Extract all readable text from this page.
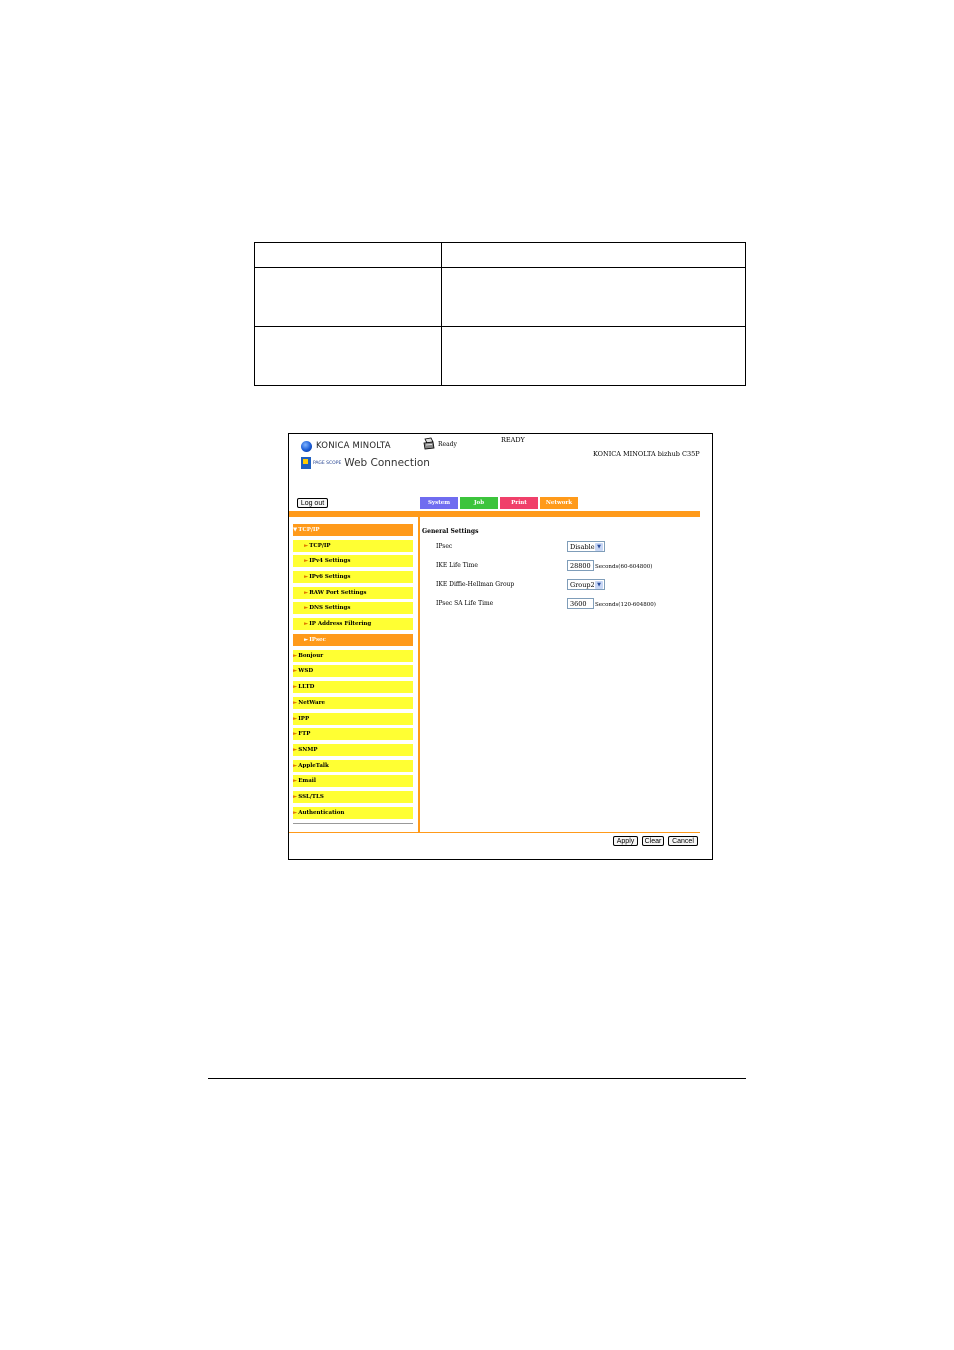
KONICA MINOLTA
PAGE SCOPE Web Connection
Ready
READY
KONICA MINOLTA bizhub C35P
Log out	System	Job	Print	Network
▼TCP/IP
►TCP/IP
►IPv4 Settings
►IPv6 Settings
►RAW Port Settings
►DNS Settings
►IP Address Filtering
►IPsec
►Bonjour
►WSD
►LLTD
►NetWare
►IPP
►FTP
►SNMP
►AppleTalk
►Email
►SSL/TLS
►Authentication
General Settings
IPsec	Disable ▼
IKE Life Time	28800 Seconds(60-604800)
IKE Diffie-Hellman Group	Group2 ▼
IPsec SA Life Time	3600	Seconds(120-604800)
Apply	Clear	Cancel
